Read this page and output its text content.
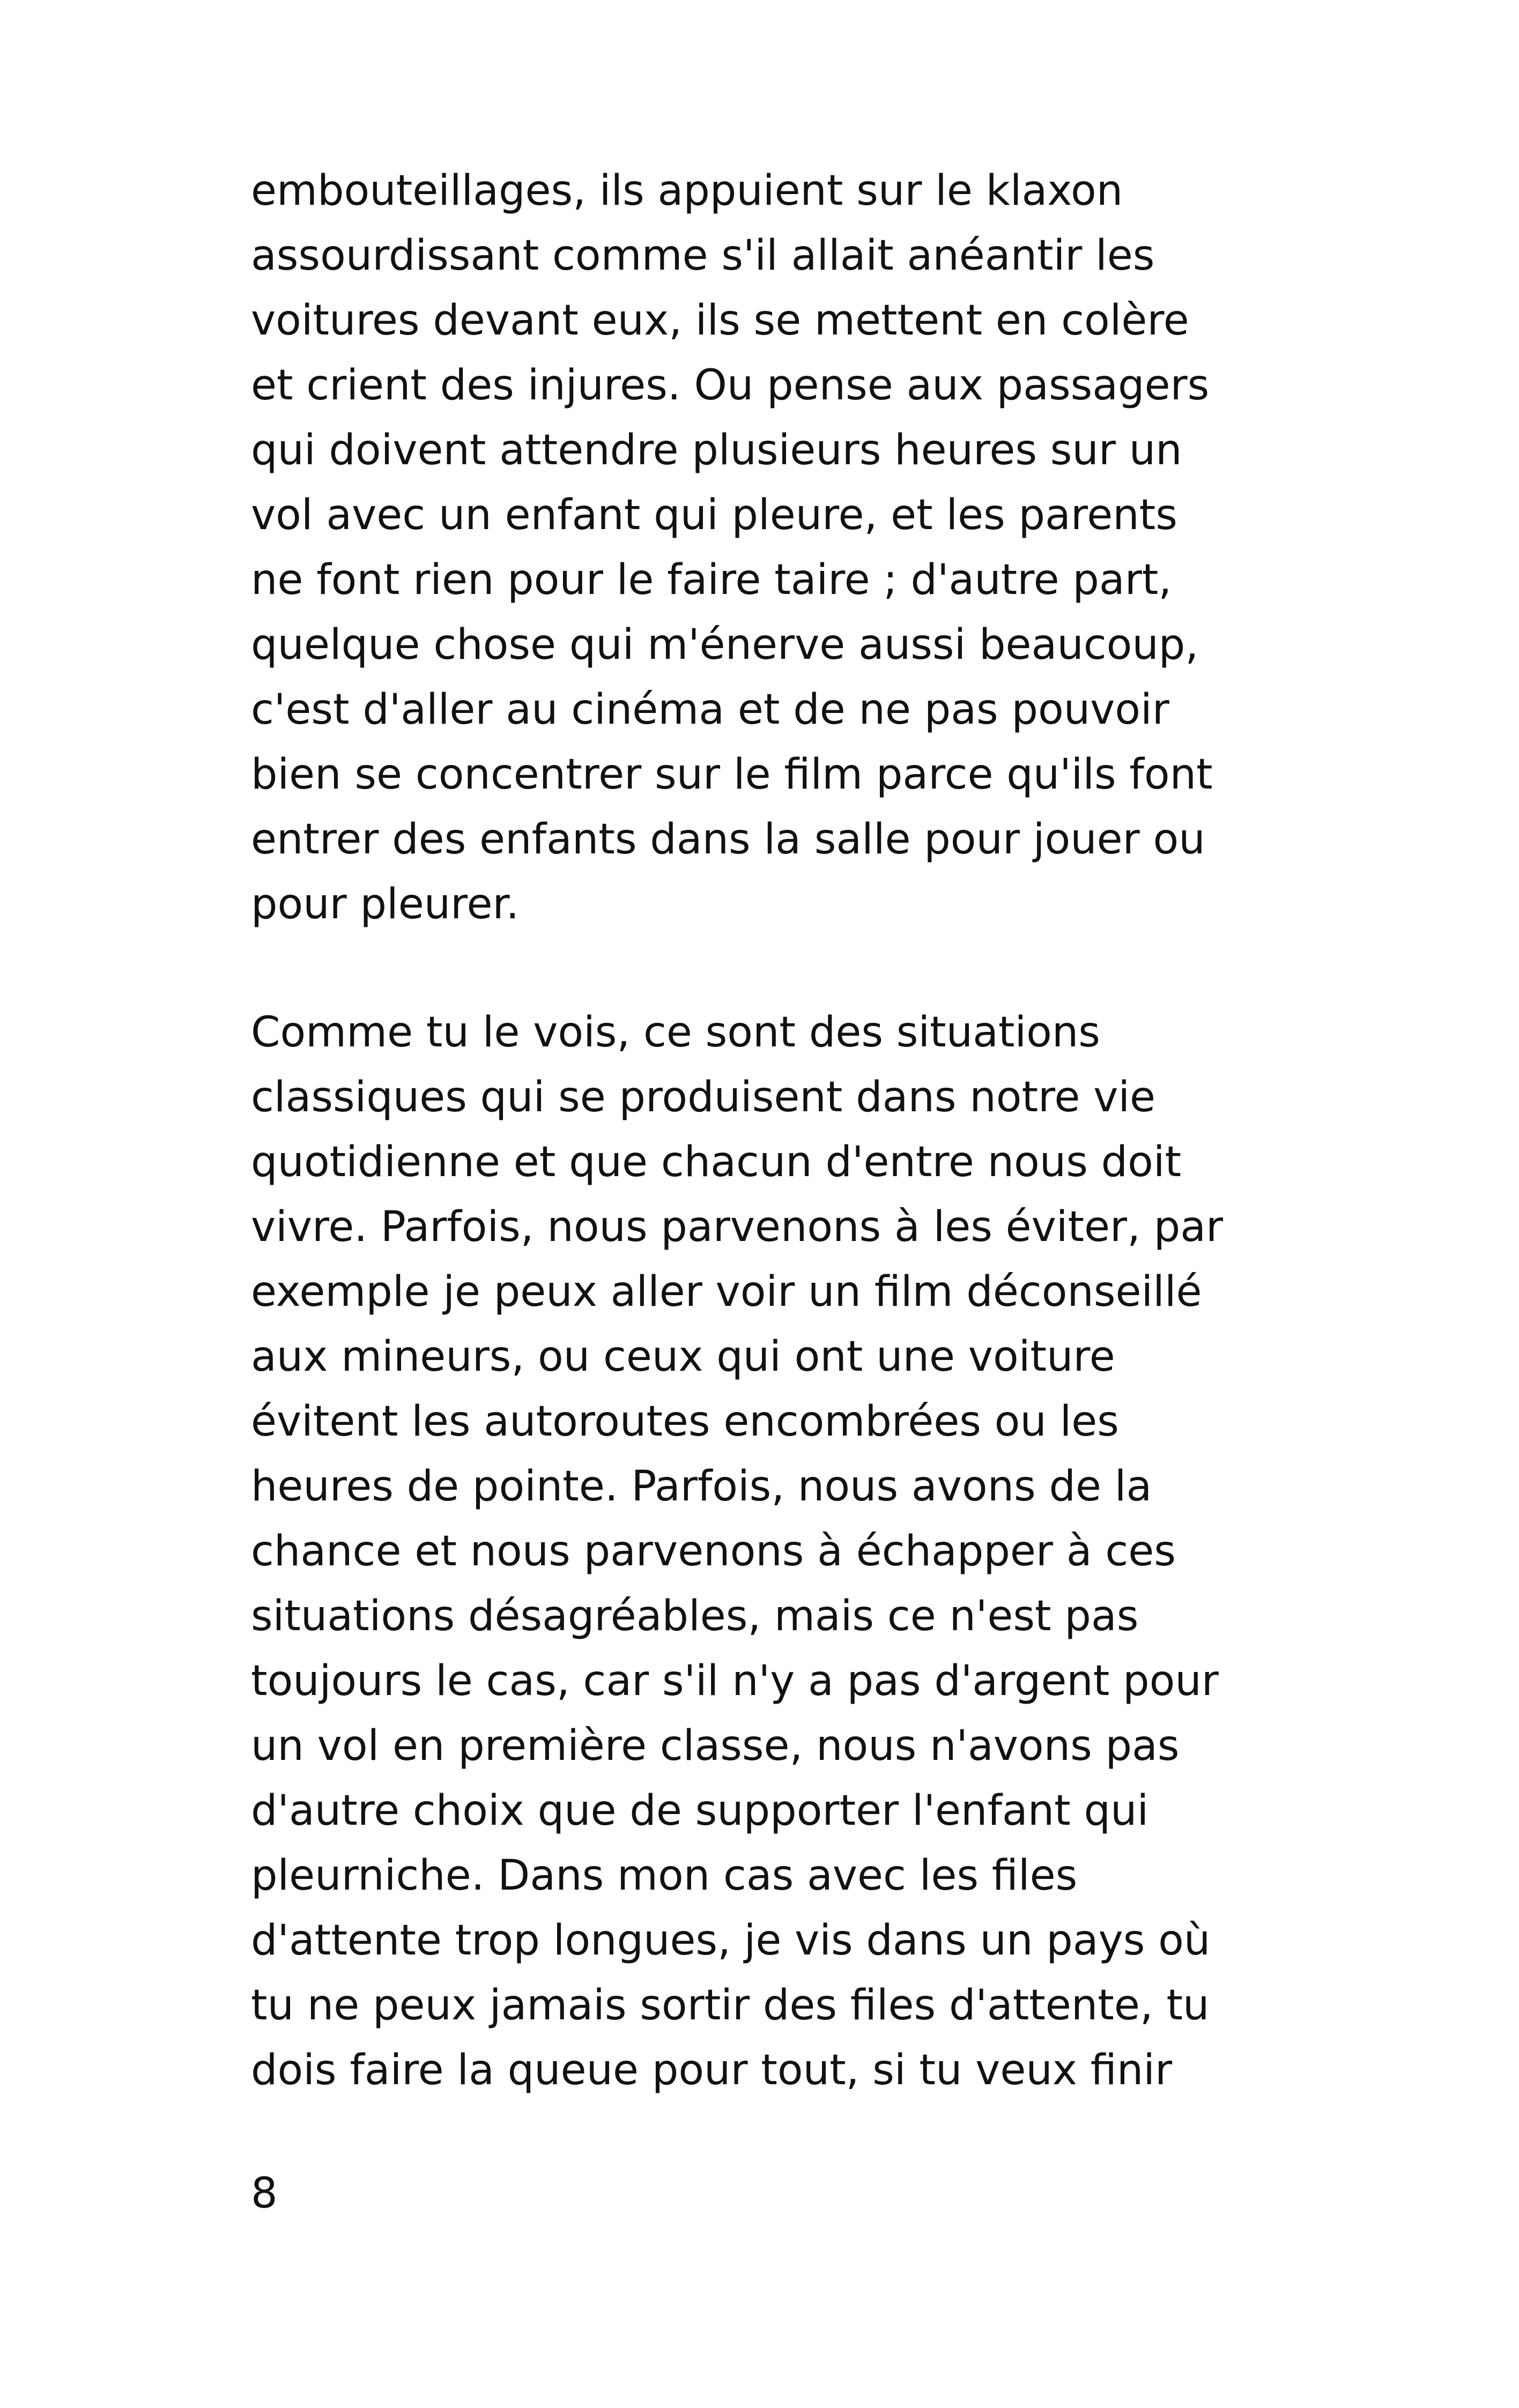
embouteillages, ils appuient sur le klaxon
assourdissant comme s'il allait anéantir les
voitures devant eux, ils se mettent en colère
et crient des injures. Ou pense aux passagers
qui doivent attendre plusieurs heures sur un
vol avec un enfant qui pleure, et les parents
ne font rien pour le faire taire ; d'autre part,
quelque chose qui m'énerve aussi beaucoup,
c'est d'aller au cinéma et de ne pas pouvoir
bien se concentrer sur le film parce qu'ils font
entrer des enfants dans la salle pour jouer ou
pour pleurer.

Comme tu le vois, ce sont des situations
classiques qui se produisent dans notre vie
quotidienne et que chacun d'entre nous doit
vivre. Parfois, nous parvenons à les éviter, par
exemple je peux aller voir un film déconseillé
aux mineurs, ou ceux qui ont une voiture
évitent les autoroutes encombrées ou les
heures de pointe. Parfois, nous avons de la
chance et nous parvenons à échapper à ces
situations désagréables, mais ce n'est pas
toujours le cas, car s'il n'y a pas d'argent pour
un vol en première classe, nous n'avons pas
d'autre choix que de supporter l'enfant qui
pleurniche. Dans mon cas avec les files
d'attente trop longues, je vis dans un pays où
tu ne peux jamais sortir des files d'attente, tu
dois faire la queue pour tout, si tu veux finir

8
